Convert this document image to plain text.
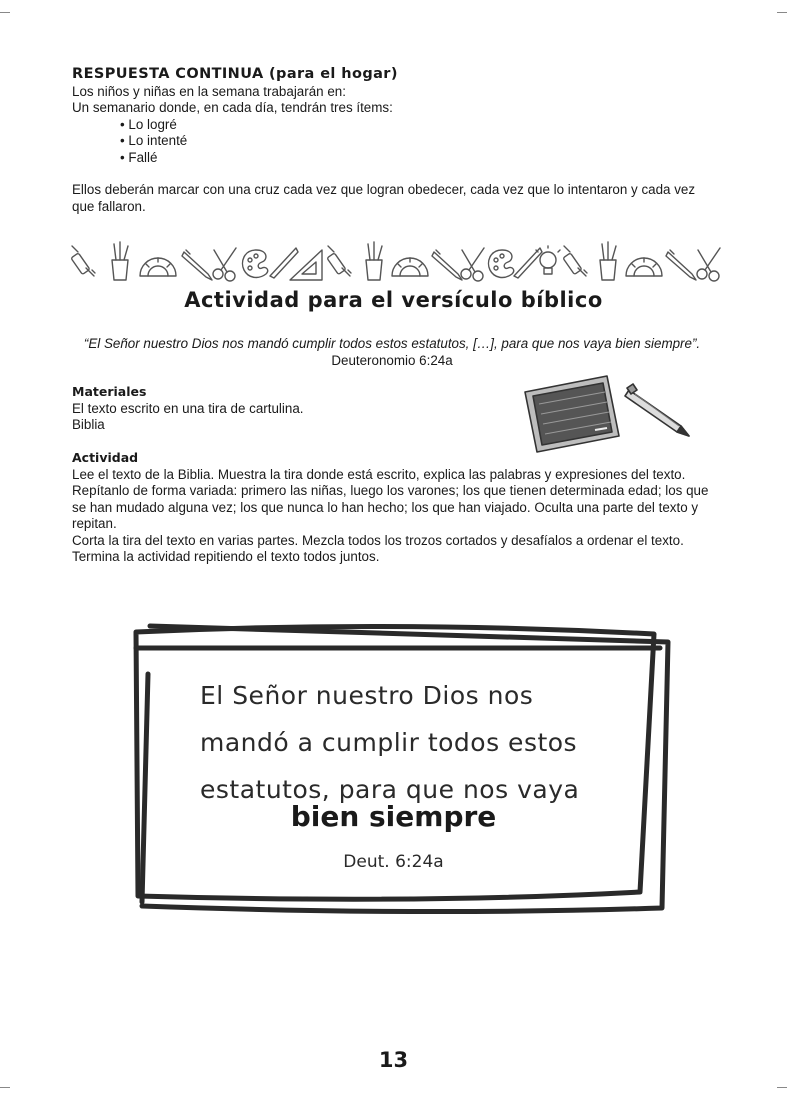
RESPUESTA CONTINUA (para el hogar)
Los niños y niñas en la semana trabajarán en:
Un semanario donde, en cada día, tendrán tres ítems:
• Lo logré
• Lo intenté
• Fallé
Ellos deberán marcar con una cruz cada vez que logran obedecer, cada vez que lo intentaron y cada vez que fallaron.
Actividad para el versículo bíblico
“El Señor nuestro Dios nos mandó cumplir todos estos estatutos, […], para que nos vaya bien siempre”.
Deuteronomio 6:24a
Materiales
El texto escrito en una tira de cartulina.
Biblia
Actividad
Lee el texto de la Biblia. Muestra la tira donde está escrito, explica las palabras y expresiones del texto. Repítanlo de forma variada: primero las niñas, luego los varones; los que tienen determinada edad; los que se han mudado alguna vez; los que nunca lo han hecho; los que han viajado. Oculta una parte del texto y repitan.
Corta la tira del texto en varias partes. Mezcla todos los trozos cortados y desafíalos a ordenar el texto. Termina la actividad repitiendo el texto todos juntos.
El Señor nuestro Dios nos
mandó a cumplir todos estos
estatutos, para que nos vaya
bien siempre
Deut. 6:24a
13
